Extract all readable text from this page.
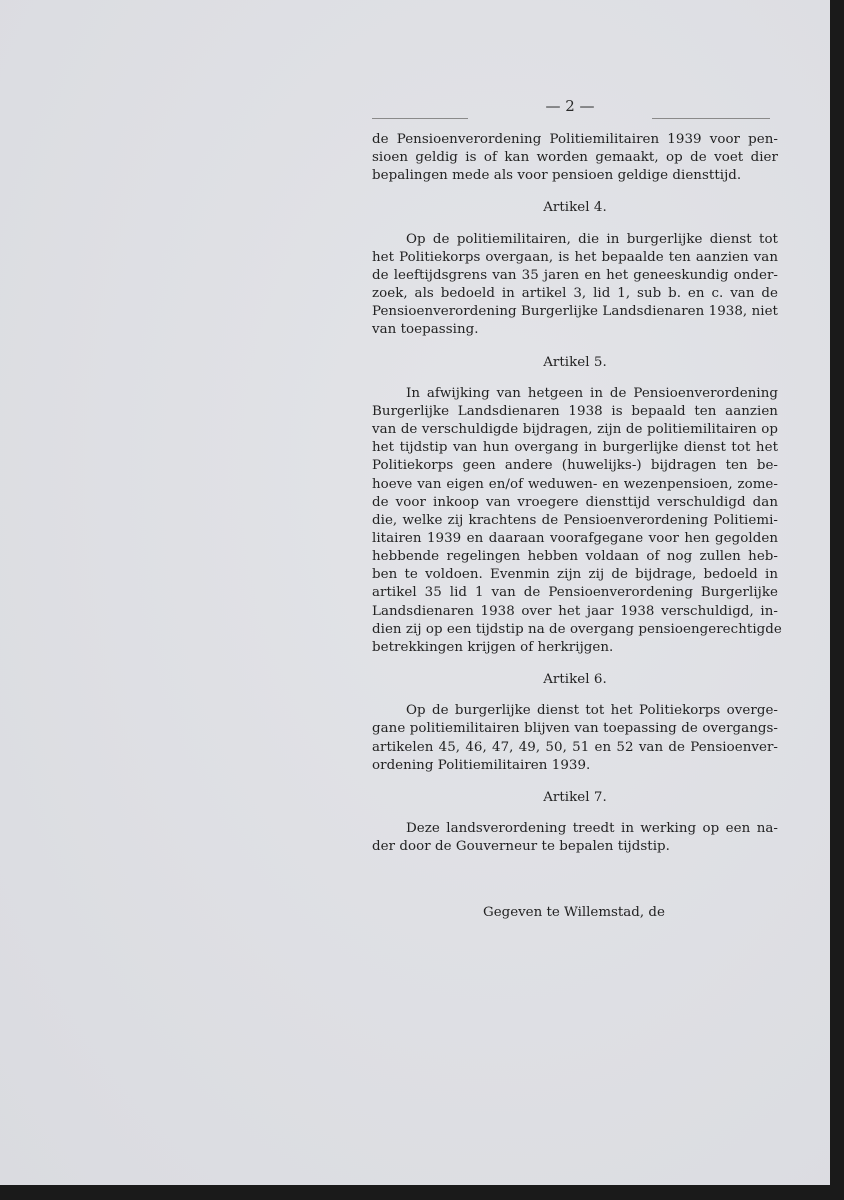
— 2 —
de Pensioenverordening Politiemilitairen 1939 voor pen-
sioen geldig is of kan worden gemaakt, op de voet dier
bepalingen mede als voor pensioen geldige diensttijd.
Artikel 4.
Op de politiemilitairen, die in burgerlijke dienst tot
het Politiekorps overgaan, is het bepaalde ten aanzien van
de leeftijdsgrens van 35 jaren en het geneeskundig onder-
zoek, als bedoeld in artikel 3, lid 1, sub b. en c. van de
Pensioenverordening Burgerlijke Landsdienaren 1938, niet
van toepassing.
Artikel 5.
In afwijking van hetgeen in de Pensioenverordening
Burgerlijke Landsdienaren 1938 is bepaald ten aanzien
van de verschuldigde bijdragen, zijn de politiemilitairen op
het tijdstip van hun overgang in burgerlijke dienst tot het
Politiekorps geen andere (huwelijks-) bijdragen ten be-
hoeve van eigen en/of weduwen- en wezenpensioen, zome-
de voor inkoop van vroegere diensttijd verschuldigd dan
die, welke zij krachtens de Pensioenverordening Politiemi-
litairen 1939 en daaraan voorafgegane voor hen gegolden
hebbende regelingen hebben voldaan of nog zullen heb-
ben te voldoen. Evenmin zijn zij de bijdrage, bedoeld in
artikel 35 lid 1 van de Pensioenverordening Burgerlijke
Landsdienaren 1938 over het jaar 1938 verschuldigd, in-
dien zij op een tijdstip na de overgang pensioengerechtigde
betrekkingen krijgen of herkrijgen.
Artikel 6.
Op de burgerlijke dienst tot het Politiekorps overge-
gane politiemilitairen blijven van toepassing de overgangs-
artikelen 45, 46, 47, 49, 50, 51 en 52 van de Pensioenver-
ordening Politiemilitairen 1939.
Artikel 7.
Deze landsverordening treedt in werking op een na-
der door de Gouverneur te bepalen tijdstip.
Gegeven te Willemstad, de
